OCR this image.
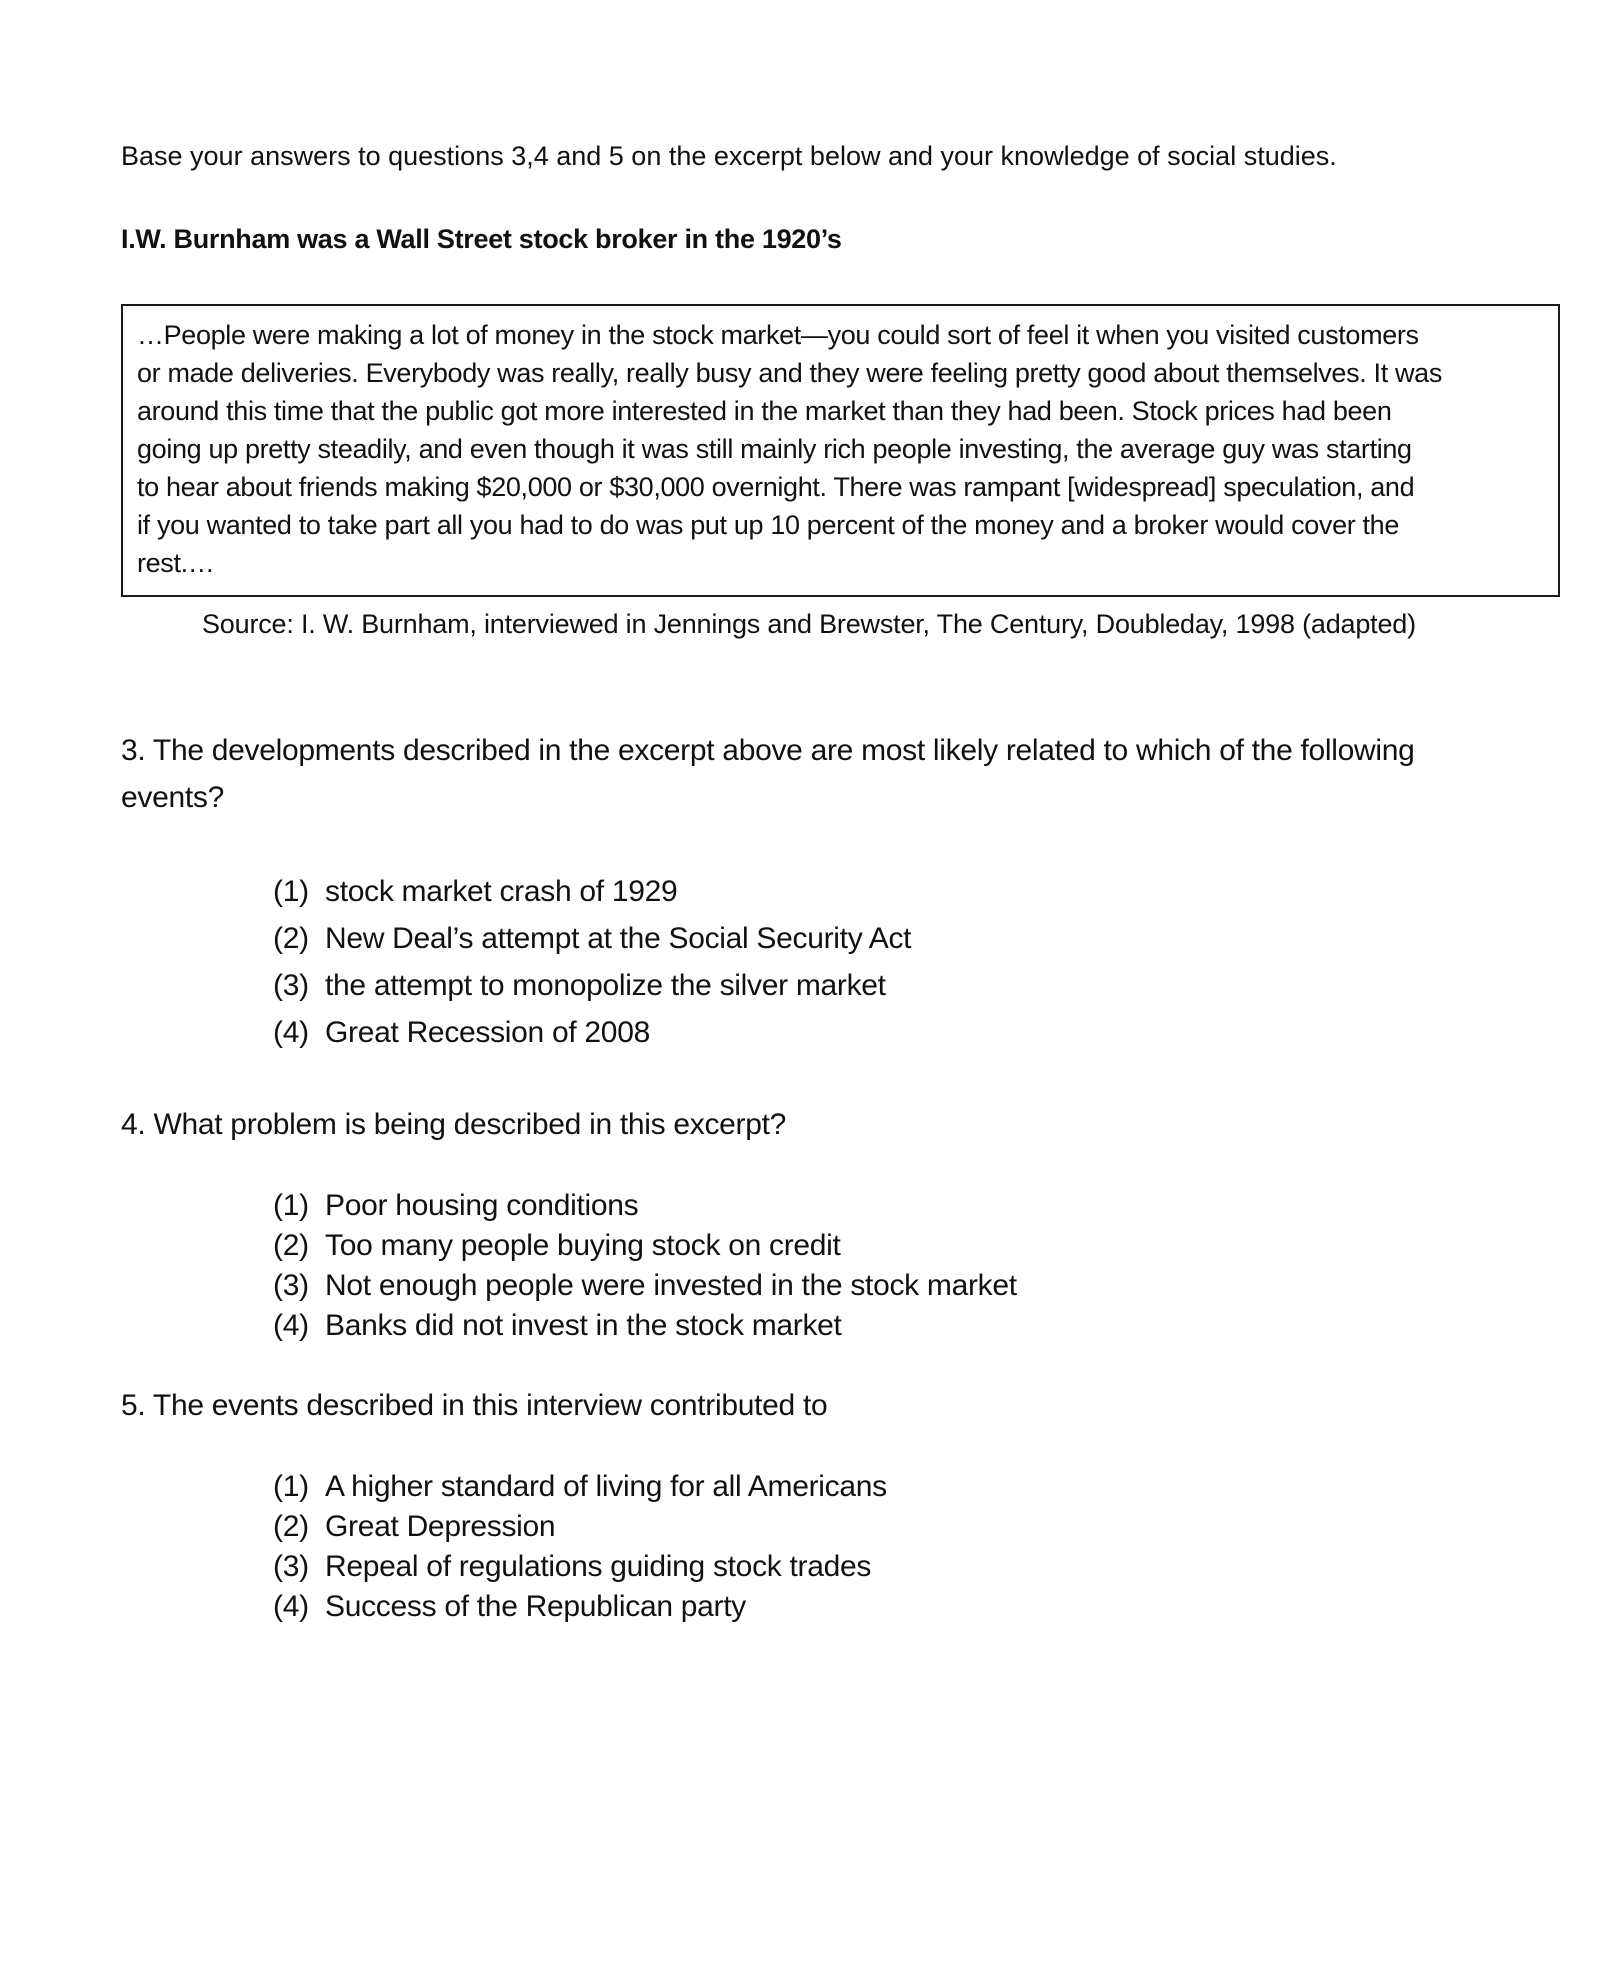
Base your answers to questions 3,4 and 5 on the excerpt below and your knowledge of social studies.
I.W. Burnham was a Wall Street stock broker in the 1920’s
…People were making a lot of money in the stock market—you could sort of feel it when you visited customers
or made deliveries. Everybody was really, really busy and they were feeling pretty good about themselves. It was
around this time that the public got more interested in the market than they had been. Stock prices had been
going up pretty steadily, and even though it was still mainly rich people investing, the average guy was starting
to hear about friends making $20,000 or $30,000 overnight. There was rampant [widespread] speculation, and
if you wanted to take part all you had to do was put up 10 percent of the money and a broker would cover the
rest.…
Source: I. W. Burnham, interviewed in Jennings and Brewster, The Century, Doubleday, 1998 (adapted)
3. The developments described in the excerpt above are most likely related to which of the following
events?
(1) stock market crash of 1929
(2) New Deal’s attempt at the Social Security Act
(3) the attempt to monopolize the silver market
(4) Great Recession of 2008
4. What problem is being described in this excerpt?
(1) Poor housing conditions
(2) Too many people buying stock on credit
(3) Not enough people were invested in the stock market
(4) Banks did not invest in the stock market
5. The events described in this interview contributed to
(1) A higher standard of living for all Americans
(2) Great Depression
(3) Repeal of regulations guiding stock trades
(4) Success of the Republican party
